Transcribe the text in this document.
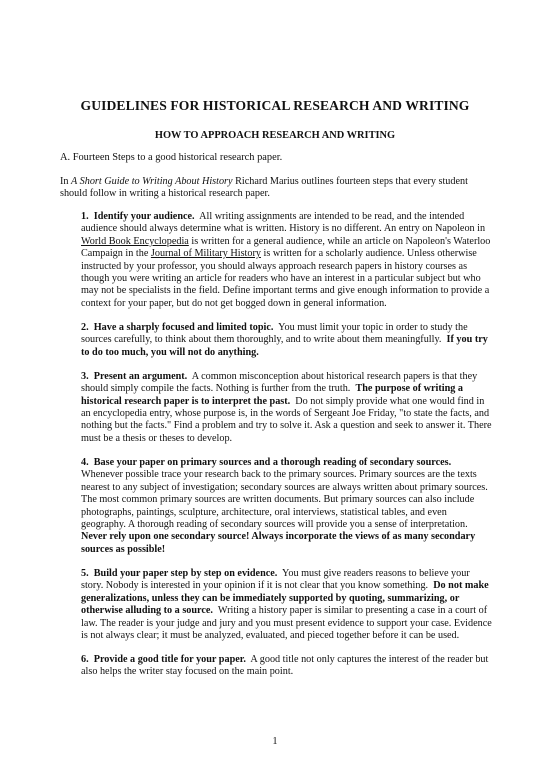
GUIDELINES FOR HISTORICAL RESEARCH AND WRITING
HOW TO APPROACH RESEARCH AND WRITING

A. Fourteen Steps to a good historical research paper.

In A Short Guide to Writing About History Richard Marius outlines fourteen steps that every student should follow in writing a historical research paper.

1. Identify your audience. All writing assignments are intended to be read, and the intended audience should always determine what is written. History is no different. An entry on Napoleon in World Book Encyclopedia is written for a general audience, while an article on Napoleon's Waterloo Campaign in the Journal of Military History is written for a scholarly audience. Unless otherwise instructed by your professor, you should always approach research papers in history courses as though you were writing an article for readers who have an interest in a particular subject but who may not be specialists in the field. Define important terms and give enough information to provide a context for your paper, but do not get bogged down in general information.

2. Have a sharply focused and limited topic. You must limit your topic in order to study the sources carefully, to think about them thoroughly, and to write about them meaningfully. If you try to do too much, you will not do anything.

3. Present an argument. A common misconception about historical research papers is that they should simply compile the facts. Nothing is further from the truth. The purpose of writing a historical research paper is to interpret the past. Do not simply provide what one would find in an encyclopedia entry, whose purpose is, in the words of Sergeant Joe Friday, "to state the facts, and nothing but the facts." Find a problem and try to solve it. Ask a question and seek to answer it. There must be a thesis or theses to develop.

4. Base your paper on primary sources and a thorough reading of secondary sources. Whenever possible trace your research back to the primary sources. Primary sources are the texts nearest to any subject of investigation; secondary sources are always written about primary sources. The most common primary sources are written documents. But primary sources can also include photographs, paintings, sculpture, architecture, oral interviews, statistical tables, and even geography. A thorough reading of secondary sources will provide you a sense of interpretation.  Never rely upon one secondary source! Always incorporate the views of as many secondary sources as possible!

5. Build your paper step by step on evidence. You must give readers reasons to believe your story. Nobody is interested in your opinion if it is not clear that you know something. Do not make generalizations, unless they can be immediately supported by quoting, summarizing, or otherwise alluding to a source. Writing a history paper is similar to presenting a case in a court of law. The reader is your judge and jury and you must present evidence to support your case. Evidence is not always clear; it must be analyzed, evaluated, and pieced together before it can be used.

6. Provide a good title for your paper. A good title not only captures the interest of the reader but also helps the writer stay focused on the main point.

1
